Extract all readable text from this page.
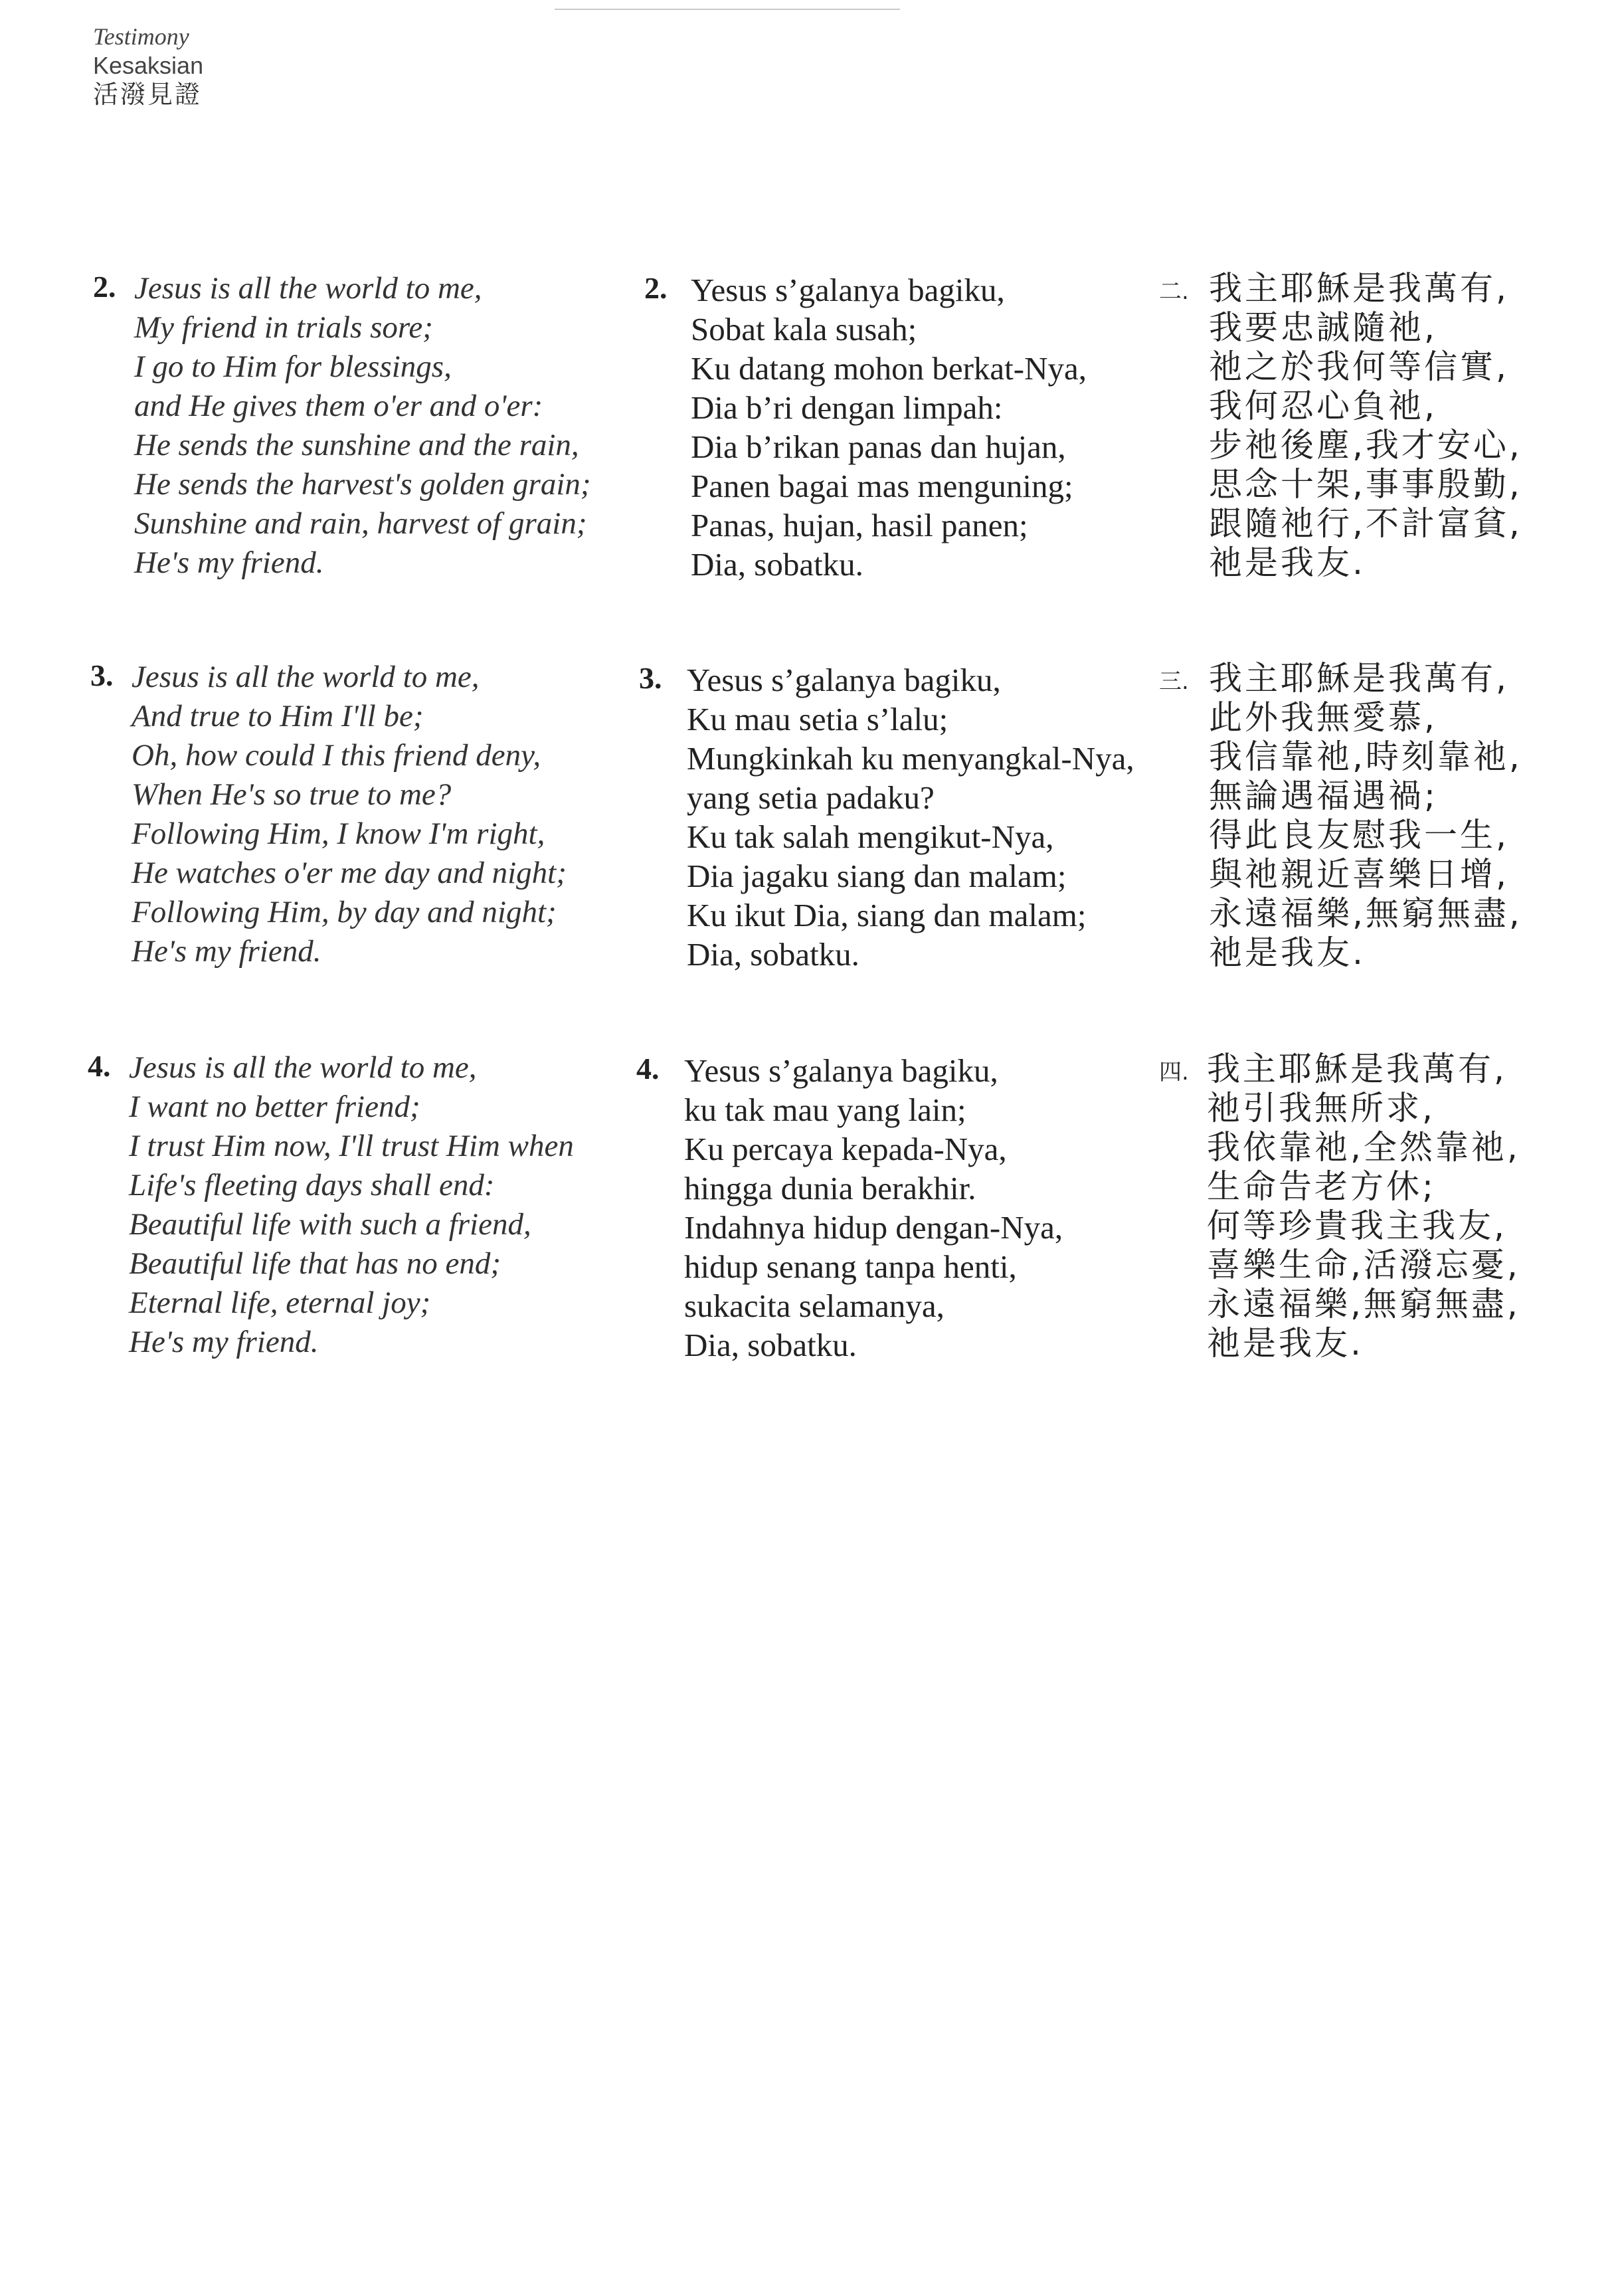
Testimony
Kesaksian
活潑見證
2. Jesus is all the world to me,
My friend in trials sore;
I go to Him for blessings,
and He gives them o'er and o'er:
He sends the sunshine and the rain,
He sends the harvest's golden grain;
Sunshine and rain, harvest of grain;
He's my friend.
2. Yesus s’galanya bagiku,
Sobat kala susah;
Ku datang mohon berkat-Nya,
Dia b’ri dengan limpah:
Dia b’rikan panas dan hujan,
Panen bagai mas menguning;
Panas, hujan, hasil panen;
Dia, sobatku.
二. 我主耶穌是我萬有,
我要忠誠隨祂,
祂之於我何等信實,
我何忍心負祂,
步祂後塵,我才安心,
思念十架,事事殷勤,
跟隨祂行,不計富貧,
祂是我友.
3. Jesus is all the world to me,
And true to Him I'll be;
Oh, how could I this friend deny,
When He's so true to me?
Following Him, I know I'm right,
He watches o'er me day and night;
Following Him, by day and night;
He's my friend.
3. Yesus s’galanya bagiku,
Ku mau setia s’lalu;
Mungkinkah ku menyangkal-Nya,
yang setia padaku?
Ku tak salah mengikut-Nya,
Dia jagaku siang dan malam;
Ku ikut Dia, siang dan malam;
Dia, sobatku.
三. 我主耶穌是我萬有,
此外我無愛慕,
我信靠祂,時刻靠祂,
無論遇福遇禍;
得此良友慰我一生,
與祂親近喜樂日增,
永遠福樂,無窮無盡,
祂是我友.
4. Jesus is all the world to me,
I want no better friend;
I trust Him now, I'll trust Him when
Life's fleeting days shall end:
Beautiful life with such a friend,
Beautiful life that has no end;
Eternal life, eternal joy;
He's my friend.
4. Yesus s’galanya bagiku,
ku tak mau yang lain;
Ku percaya kepada-Nya,
hingga dunia berakhir.
Indahnya hidup dengan-Nya,
hidup senang tanpa henti,
sukacita selamanya,
Dia, sobatku.
四. 我主耶穌是我萬有,
祂引我無所求,
我依靠祂,全然靠祂,
生命告老方休;
何等珍貴我主我友,
喜樂生命,活潑忘憂,
永遠福樂,無窮無盡,
祂是我友.
